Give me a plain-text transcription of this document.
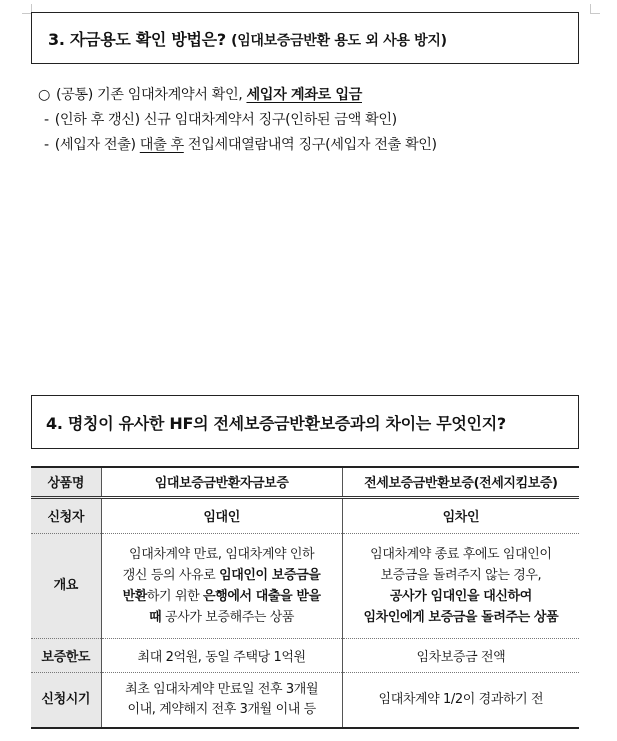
3. 자금용도 확인 방법은? (임대보증금반환 용도 외 사용 방지)
○ (공통) 기존 임대차계약서 확인, 세입자 계좌로 입금
- (인하 후 갱신) 신규 임대차계약서 징구(인하된 금액 확인)
- (세입자 전출) 대출 후 전입세대열람내역 징구(세입자 전출 확인)
4. 명칭이 유사한 HF의 전세보증금반환보증과의 차이는 무엇인지?
상품명	임대보증금반환자금보증	전세보증금반환보증(전세지킴보증)
신청자	임대인	임차인
개요	임대차계약 만료, 임대차계약 인하
갱신 등의 사유로 임대인이 보증금을
반환하기 위한 은행에서 대출을 받을
때 공사가 보증해주는 상품	임대차계약 종료 후에도 임대인이
보증금을 돌려주지 않는 경우,
공사가 임대인을 대신하여
임차인에게 보증금을 돌려주는 상품

보증한도	최대 2억원, 동일 주택당 1억원	임차보증금 전액
신청시기	최초 임대차계약 만료일 전후 3개월
이내, 계약해지 전후 3개월 이내 등	임대차계약 1/2이 경과하기 전
